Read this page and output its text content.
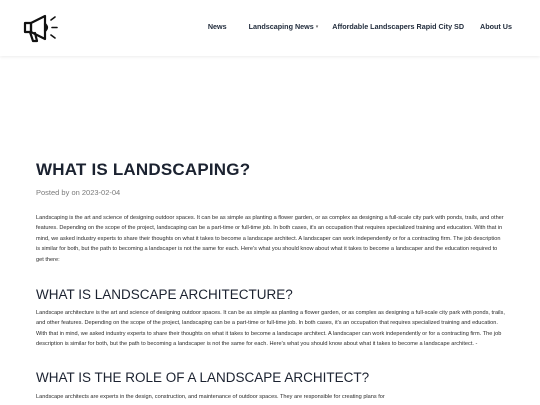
News	Landscaping News ▾ Affordable Landscapers Rapid City SD About Us
WHAT IS LANDSCAPING?
Posted by on 2023-02-04

Landscaping is the art and science of designing outdoor spaces. It can be as simple as planting a flower garden, or as complex as designing a full-scale city park with ponds, trails, and other features. Depending on the scope of the project, landscaping can be a part-time or full-time job. In both cases, it's an occupation that requires specialized training and education. With that in mind, we asked industry experts to share their thoughts on what it takes to become a landscape architect. A landscaper can work independently or for a contracting firm. The job description is similar for both, but the path to becoming a landscaper is not the same for each. Here's what you should know about what it takes to become a landscaper and the education required to get there:

WHAT IS LANDSCAPE ARCHITECTURE?

Landscape architecture is the art and science of designing outdoor spaces. It can be as simple as planting a flower garden, or as complex as designing a full-scale city park with ponds, trails, and other features. Depending on the scope of the project, landscaping can be a part-time or full-time job. In both cases, it's an occupation that requires specialized training and education. With that in mind, we asked industry experts to share their thoughts on what it takes to become a landscape architect. A landscaper can work independently or for a contracting firm. The job description is similar for both, but the path to becoming a landscaper is not the same for each. Here's what you should know about what it takes to become a landscape architect. -

WHAT IS THE ROLE OF A LANDSCAPE ARCHITECT?

Landscape architects are experts in the design, construction, and maintenance of outdoor spaces. They are responsible for creating plans for
